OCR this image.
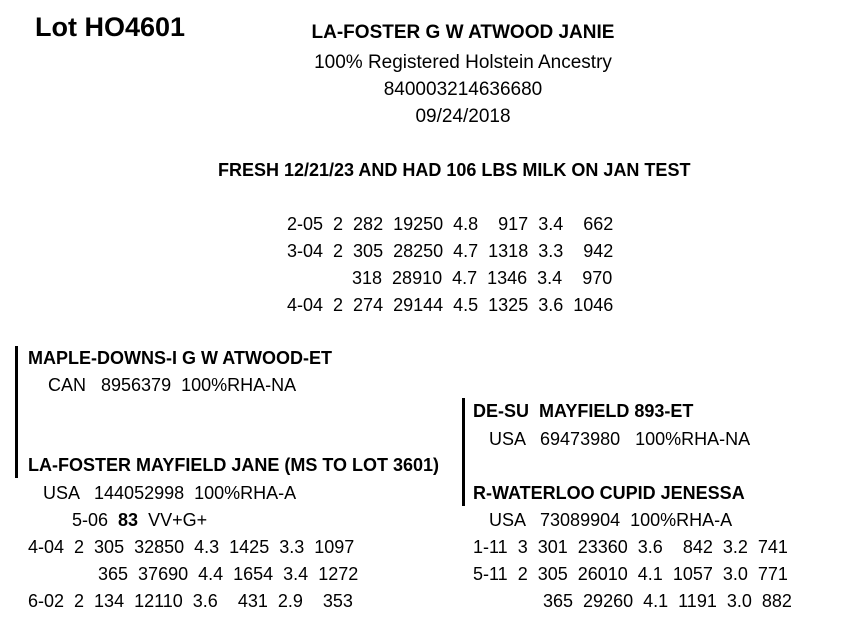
Lot HO4601	LA-FOSTER G W ATWOOD JANIE
100% Registered Holstein Ancestry
840003214636680
09/24/2018
FRESH 12/21/23 AND HAD 106 LBS MILK ON JAN TEST
2-05  2  282  19250  4.8    917  3.4    662
3-04  2  305  28250  4.7  1318  3.3    942
318  28910  4.7  1346  3.4    970
4-04  2  274  29144  4.5  1325  3.6  1046
MAPLE-DOWNS-I G W ATWOOD-ET
CAN   8956379  100%RHA-NA
LA-FOSTER MAYFIELD JANE (MS TO LOT 3601)
USA   144052998  100%RHA-A
5-06 83 VV+G+
4-04  2  305  32850  4.3  1425  3.3  1097
365  37690  4.4  1654  3.4  1272
6-02  2  134  12110  3.6    431  2.9    353
DE-SU  MAYFIELD 893-ET
USA   69473980   100%RHA-NA
R-WATERLOO CUPID JENESSA
USA   73089904  100%RHA-A
1-11  3  301  23360  3.6    842  3.2  741
5-11  2  305  26010  4.1  1057  3.0  771
365  29260  4.1  1191  3.0  882
